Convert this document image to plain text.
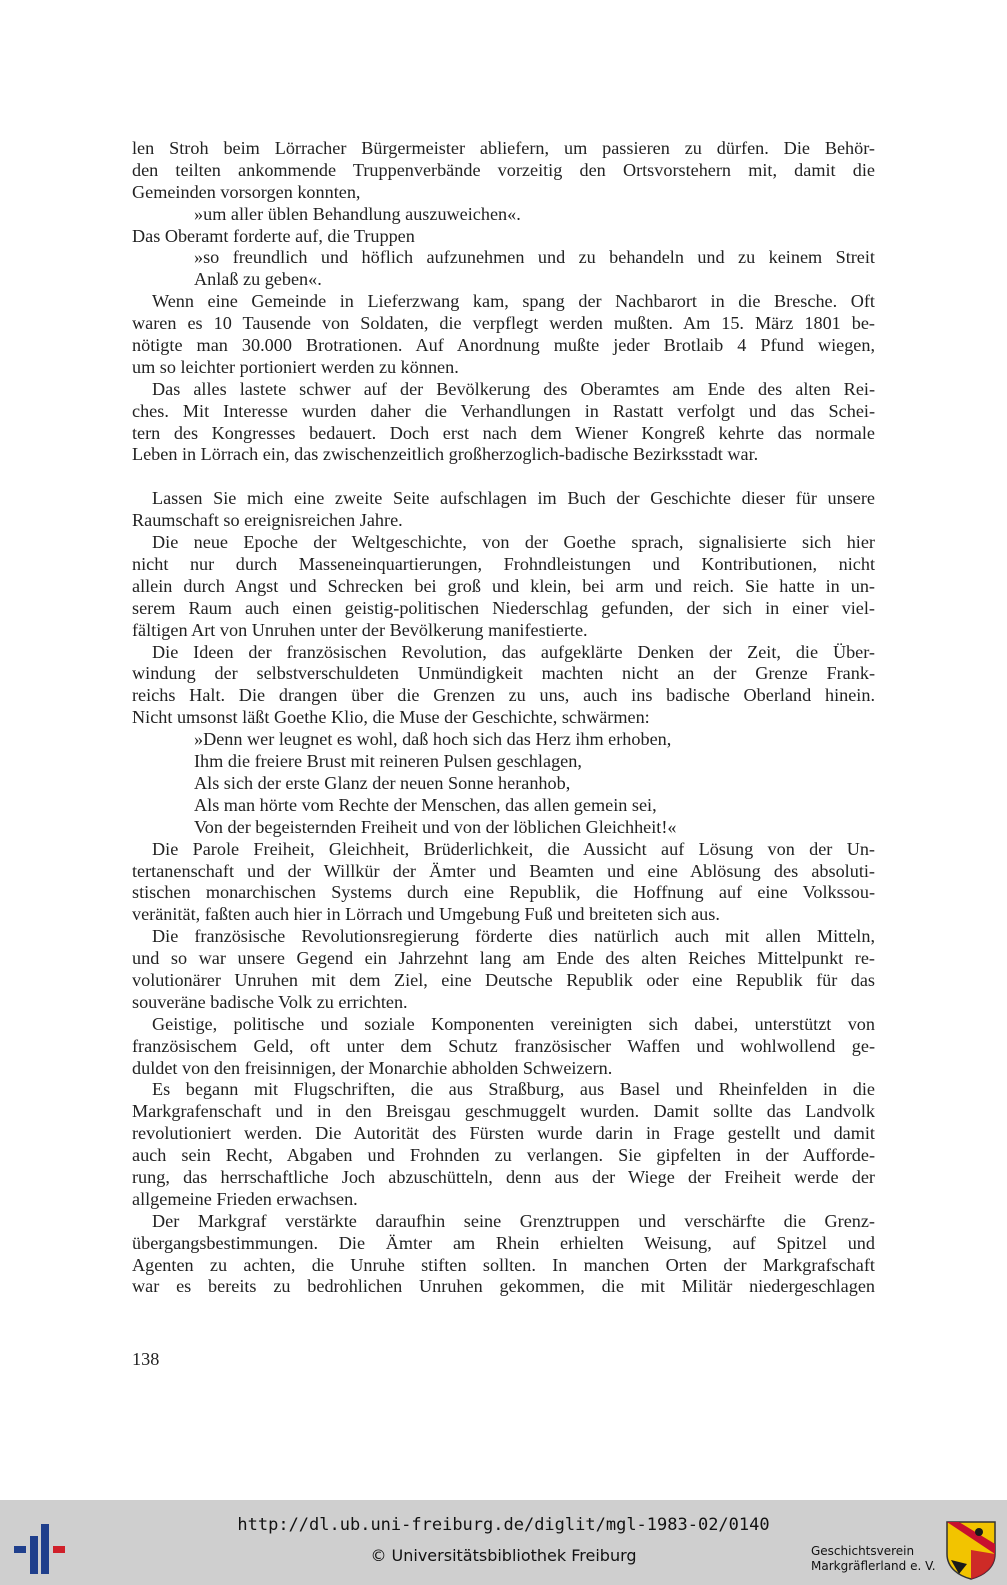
len Stroh beim Lörracher Bürgermeister abliefern, um passieren zu dürfen. Die Behör-
den teilten ankommende Truppenverbände vorzeitig den Ortsvorstehern mit, damit die
Gemeinden vorsorgen konnten,
»um aller üblen Behandlung auszuweichen«.
Das Oberamt forderte auf, die Truppen
»so freundlich und höflich aufzunehmen und zu behandeln und zu keinem Streit
Anlaß zu geben«.
Wenn eine Gemeinde in Lieferzwang kam, spang der Nachbarort in die Bresche. Oft
waren es 10 Tausende von Soldaten, die verpflegt werden mußten. Am 15. März 1801 be-
nötigte man 30.000 Brotrationen. Auf Anordnung mußte jeder Brotlaib 4 Pfund wiegen,
um so leichter portioniert werden zu können.
Das alles lastete schwer auf der Bevölkerung des Oberamtes am Ende des alten Rei-
ches. Mit Interesse wurden daher die Verhandlungen in Rastatt verfolgt und das Schei-
tern des Kongresses bedauert. Doch erst nach dem Wiener Kongreß kehrte das normale
Leben in Lörrach ein, das zwischenzeitlich großherzoglich-badische Bezirksstadt war.
Lassen Sie mich eine zweite Seite aufschlagen im Buch der Geschichte dieser für unsere
Raumschaft so ereignisreichen Jahre.
Die neue Epoche der Weltgeschichte, von der Goethe sprach, signalisierte sich hier
nicht nur durch Masseneinquartierungen, Frohndleistungen und Kontributionen, nicht
allein durch Angst und Schrecken bei groß und klein, bei arm und reich. Sie hatte in un-
serem Raum auch einen geistig-politischen Niederschlag gefunden, der sich in einer viel-
fältigen Art von Unruhen unter der Bevölkerung manifestierte.
Die Ideen der französischen Revolution, das aufgeklärte Denken der Zeit, die Über-
windung der selbstverschuldeten Unmündigkeit machten nicht an der Grenze Frank-
reichs Halt. Die drangen über die Grenzen zu uns, auch ins badische Oberland hinein.
Nicht umsonst läßt Goethe Klio, die Muse der Geschichte, schwärmen:
»Denn wer leugnet es wohl, daß hoch sich das Herz ihm erhoben,
Ihm die freiere Brust mit reineren Pulsen geschlagen,
Als sich der erste Glanz der neuen Sonne heranhob,
Als man hörte vom Rechte der Menschen, das allen gemein sei,
Von der begeisternden Freiheit und von der löblichen Gleichheit!«
Die Parole Freiheit, Gleichheit, Brüderlichkeit, die Aussicht auf Lösung von der Un-
tertanenschaft und der Willkür der Ämter und Beamten und eine Ablösung des absoluti-
stischen monarchischen Systems durch eine Republik, die Hoffnung auf eine Volkssou-
veränität, faßten auch hier in Lörrach und Umgebung Fuß und breiteten sich aus.
Die französische Revolutionsregierung förderte dies natürlich auch mit allen Mitteln,
und so war unsere Gegend ein Jahrzehnt lang am Ende des alten Reiches Mittelpunkt re-
volutionärer Unruhen mit dem Ziel, eine Deutsche Republik oder eine Republik für das
souveräne badische Volk zu errichten.
Geistige, politische und soziale Komponenten vereinigten sich dabei, unterstützt von
französischem Geld, oft unter dem Schutz französischer Waffen und wohlwollend ge-
duldet von den freisinnigen, der Monarchie abholden Schweizern.
Es begann mit Flugschriften, die aus Straßburg, aus Basel und Rheinfelden in die
Markgrafenschaft und in den Breisgau geschmuggelt wurden. Damit sollte das Landvolk
revolutioniert werden. Die Autorität des Fürsten wurde darin in Frage gestellt und damit
auch sein Recht, Abgaben und Frohnden zu verlangen. Sie gipfelten in der Aufforde-
rung, das herrschaftliche Joch abzuschütteln, denn aus der Wiege der Freiheit werde der
allgemeine Frieden erwachsen.
Der Markgraf verstärkte daraufhin seine Grenztruppen und verschärfte die Grenz-
übergangsbestimmungen. Die Ämter am Rhein erhielten Weisung, auf Spitzel und
Agenten zu achten, die Unruhe stiften sollten. In manchen Orten der Markgrafschaft
war es bereits zu bedrohlichen Unruhen gekommen, die mit Militär niedergeschlagen
138
http://dl.ub.uni-freiburg.de/diglit/mgl-1983-02/0140
© Universitätsbibliothek Freiburg	Geschichtsverein
Markgräflerland e. V.
